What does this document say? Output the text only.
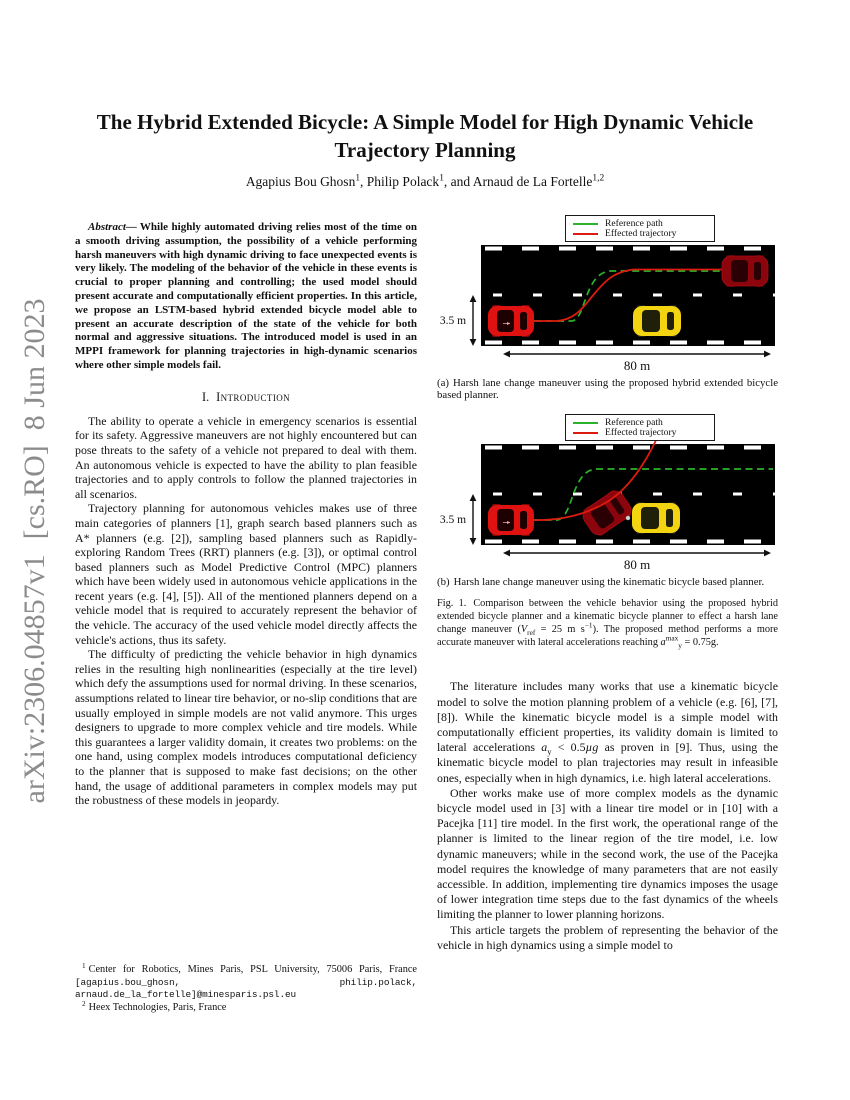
arXiv:2306.04857v1  [cs.RO]  8 Jun 2023
The Hybrid Extended Bicycle: A Simple Model for High Dynamic Vehicle Trajectory Planning
Agapius Bou Ghosn$^1$, Philip Polack$^1$, and Arnaud de La Fortelle$^{1,2}$

Abstract— While highly automated driving relies most of the time on a smooth driving assumption, the possibility of a vehicle performing harsh maneuvers with high dynamic driving to face unexpected events is very likely. The modeling of the behavior of the vehicle in these events is crucial to proper planning and controlling; the used model should present accurate and computationally efficient properties. In this article, we propose an LSTM-based hybrid extended bicycle model able to present an accurate description of the state of the vehicle for both normal and aggressive situations. The introduced model is used in an MPPI framework for planning trajectories in high-dynamic scenarios where other simple models fail.

I. Introduction

The ability to operate a vehicle in emergency scenarios is essential for its safety. Aggressive maneuvers are not highly encountered but can pose threats to the safety of a vehicle not prepared to deal with them. An autonomous vehicle is expected to have the ability to plan feasible trajectories and to apply controls to follow the planned trajectories in all scenarios.

Trajectory planning for autonomous vehicles makes use of three main categories of planners [1], graph search based planners such as A* planners (e.g. [2]), sampling based planners such as Rapidly-exploring Random Trees (RRT) planners (e.g. [3]), or optimal control based planners such as Model Predictive Control (MPC) planners which have been widely used in autonomous vehicle applications in the recent years (e.g. [4], [5]). All of the mentioned planners depend on a vehicle model that is required to accurately represent the behavior of the vehicle. The accuracy of the used vehicle model directly affects the vehicle's actions, thus its safety.

The difficulty of predicting the vehicle behavior in high dynamics relies in the resulting high nonlinearities (especially at the tire level) which defy the assumptions used for normal driving. In these scenarios, assumptions related to linear tire behavior, or no-slip conditions that are usually employed in simple models are not valid anymore. This urges designers to upgrade to more complex vehicle and tire models. While this guarantees a larger validity domain, it creates two problems: on the one hand, using complex models introduces computational deficiency to the planner that is supposed to make fast decisions; on the other hand, the usage of additional parameters in complex models may put the robustness of these models in jeopardy.

$^1$ Center for Robotics, Mines Paris, PSL University, 75006 Paris, France [agapius.bou_ghosn, philip.polack, arnaud.de_la_fortelle]@minesparis.psl.eu

$^2$ Heex Technologies, Paris, France

Reference path
Effected trajectory
v
3.5 m
80 m

(a) Harsh lane change maneuver using the proposed hybrid extended bicycle based planner.

Reference path
Effected trajectory
v
3.5 m
80 m

(b) Harsh lane change maneuver using the kinematic bicycle based planner.

Fig. 1. Comparison between the vehicle behavior using the proposed hybrid extended bicycle planner and a kinematic bicycle planner to effect a harsh lane change maneuver ($V_{ref} = 25$ m $s^{-1}$). The proposed method performs a more accurate maneuver with lateral accelerations reaching $a^{max}_y = 0.75g$.

The literature includes many works that use a kinematic bicycle model to solve the motion planning problem of a vehicle (e.g. [6], [7], [8]). While the kinematic bicycle model is a simple model with computationally efficient properties, its validity domain is limited to lateral accelerations $a_y < 0.5\mu g$ as proven in [9]. Thus, using the kinematic bicycle model to plan trajectories may result in infeasible ones, especially when in high dynamics, i.e. high lateral accelerations.

Other works make use of more complex models as the dynamic bicycle model used in [3] with a linear tire model or in [10] with a Pacejka [11] tire model. In the first work, the operational range of the planner is limited to the linear region of the tire model, i.e. low dynamic maneuvers; while in the second work, the use of the Pacejka model requires the knowledge of many parameters that are not easily accessible. In addition, implementing tire dynamics imposes the usage of lower integration time steps due to the fast dynamics of the wheels limiting the planner to lower planning horizons.

This article targets the problem of representing the behavior of the vehicle in high dynamics using a simple model to
